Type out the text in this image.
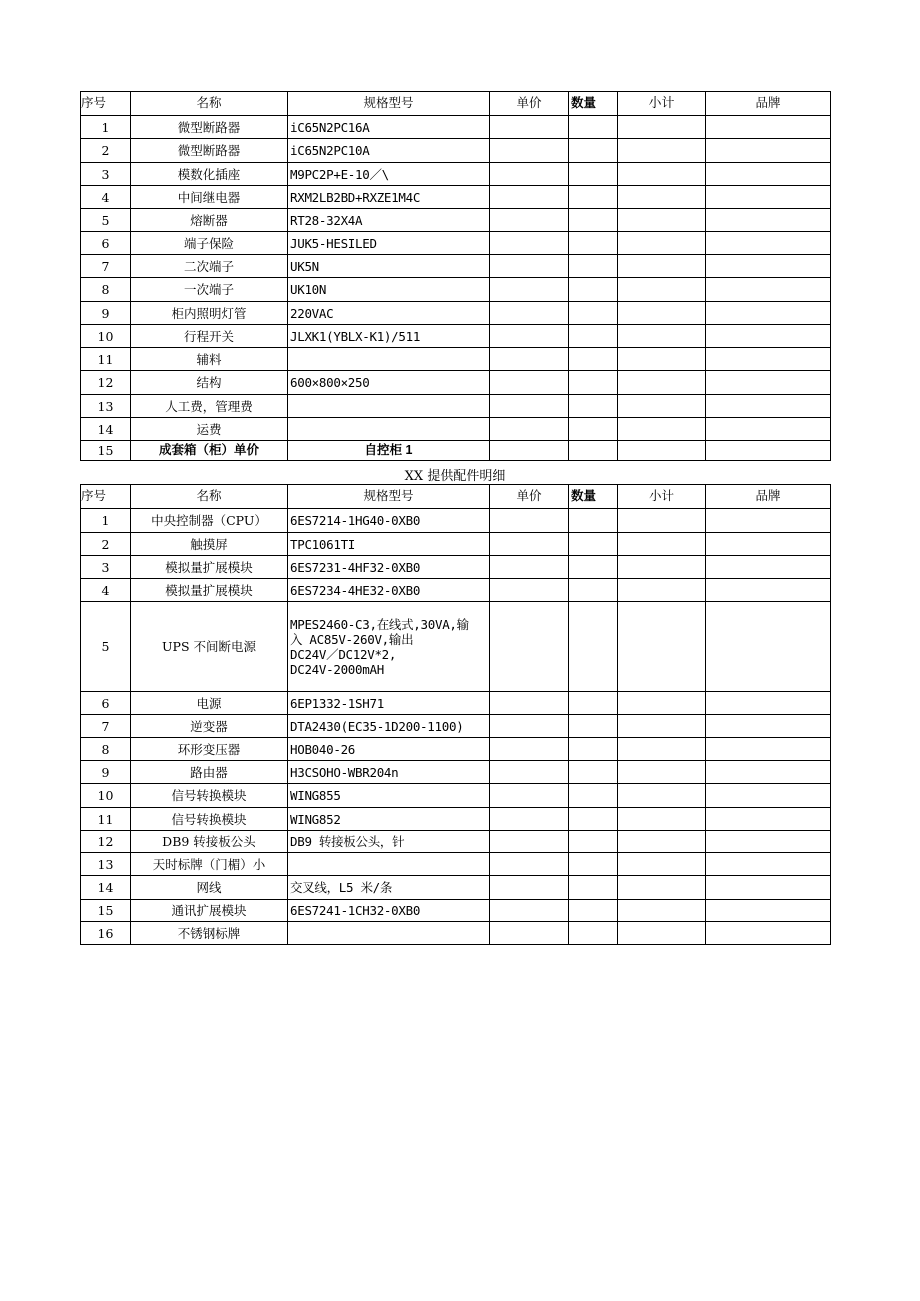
序号	名称	规格型号	单价	数量	小计	品牌
1	微型断路器	iC65N2PC16A				
2	微型断路器	iC65N2PC10A				
3	模数化插座	M9PC2P+E-10／\				
4	中间继电器	RXM2LB2BD+RXZE1M4C				
5	熔断器	RT28-32X4A				
6	端子保险	JUK5-HESILED				
7	二次端子	UK5N				
8	一次端子	UK10N				
9	柜内照明灯管	220VAC				
10	行程开关	JLXK1(YBLX-K1)/511				
11	辅料					
12	结构	600×800×250				
13	人工费，管理费					
14	运费					
15	成套箱（柜）单价	自控柜 1				
XX 提供配件明细
序号	名称	规格型号	单价	数量	小计	品牌
1	中央控制器（CPU）	6ES7214-1HG40-0XB0				
2	触摸屏	TPC1061TI				
3	模拟量扩展模块	6ES7231-4HF32-0XB0				
4	模拟量扩展模块	6ES7234-4HE32-0XB0				
5	UPS 不间断电源	MPES2460-C3,在线式,30VA,输
入 AC85V-260V,输出
DC24V／DC12V*2,
DC24V-2000mAH				

6	电源	6EP1332-1SH71				
7	逆变器	DTA2430(EC35-1D200-1100)				
8	环形变压器	HOB040-26				
9	路由器	H3CSOHO-WBR204n				
10	信号转换模块	WING855				
11	信号转换模块	WING852				
12	DB9 转接板公头	DB9 转接板公头，针				
13	天时标牌（门楣）小					
14	网线	交叉线，L5 米/条				
15	通讯扩展模块	6ES7241-1CH32-0XB0				
16	不锈钢标牌					
